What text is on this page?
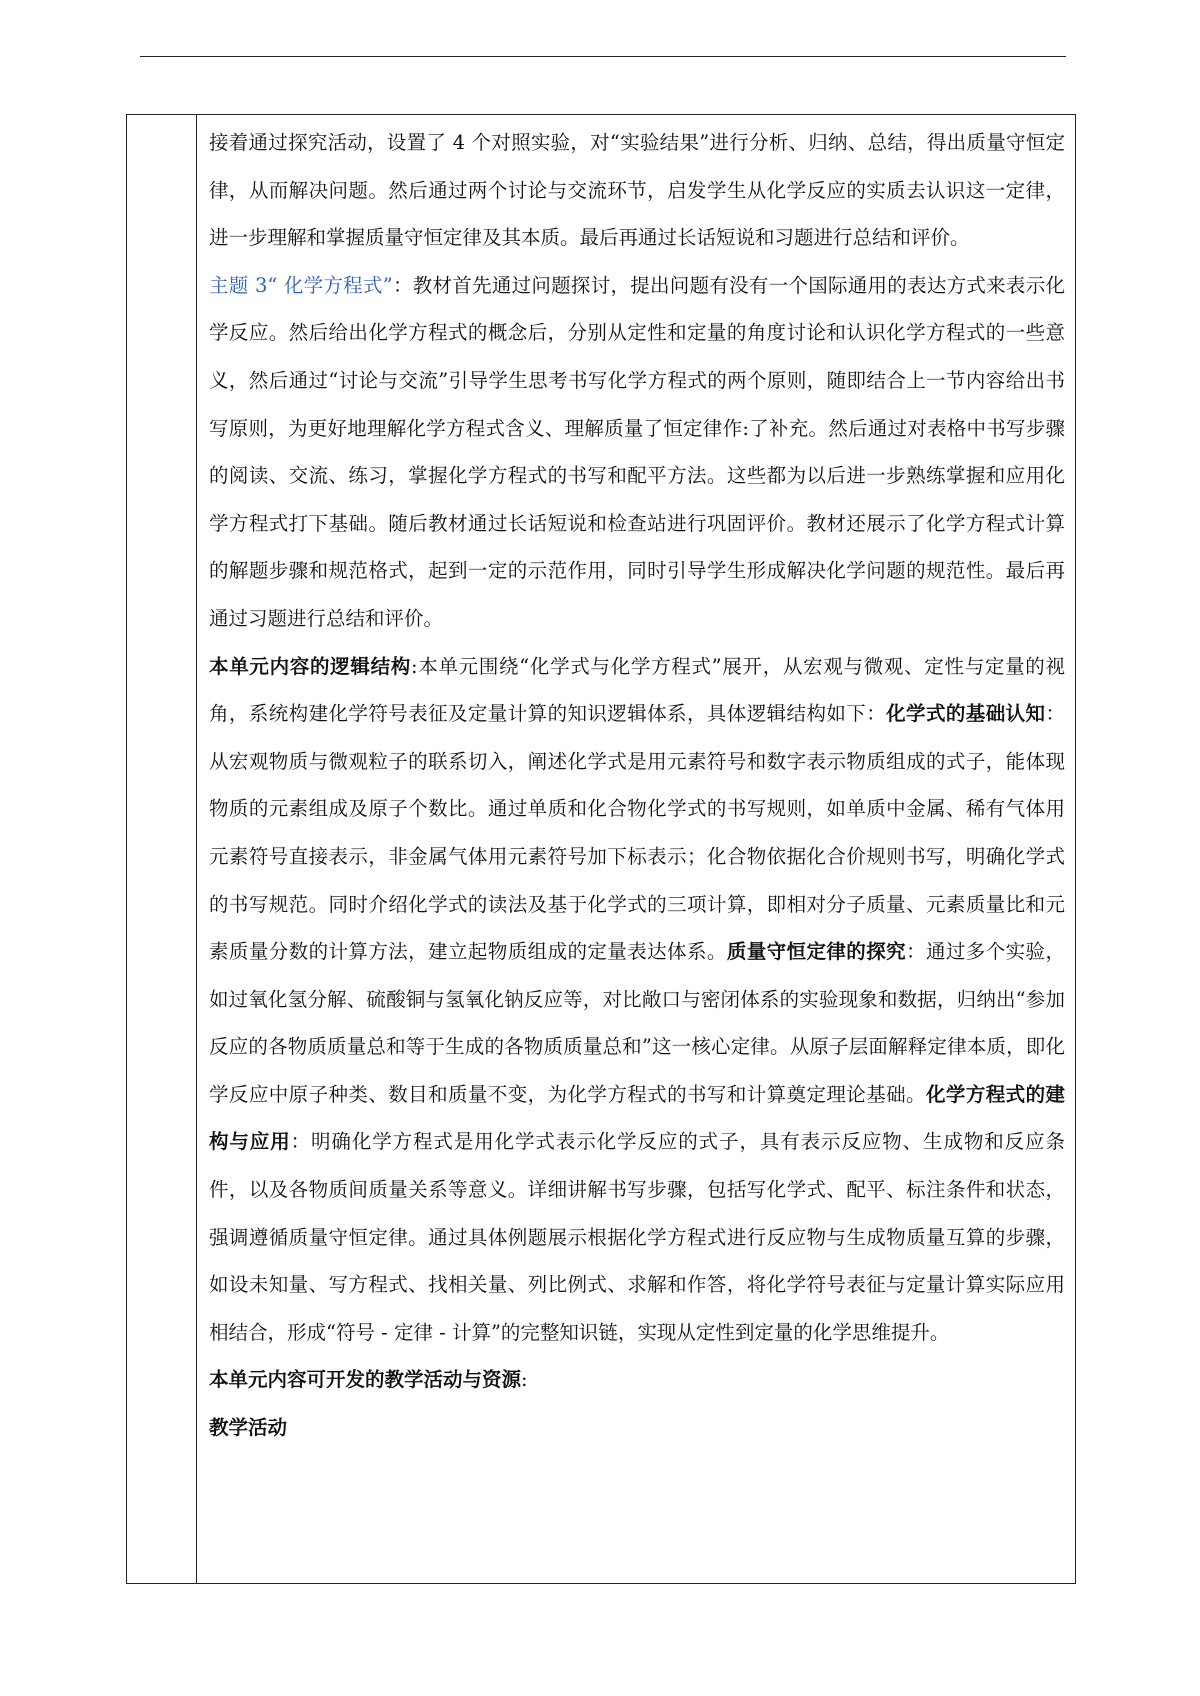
接着通过探究活动，设置了 4 个对照实验，对“实验结果”进行分析、归纳、总结，得出质量守恒定律，从而解决问题。然后通过两个讨论与交流环节，启发学生从化学反应的实质去认识这一定律，进一步理解和掌握质量守恒定律及其本质。最后再通过长话短说和习题进行总结和评价。

主题 3“ 化学方程式”：教材首先通过问题探讨，提出问题有没有一个国际通用的表达方式来表示化学反应。然后给出化学方程式的概念后，分别从定性和定量的角度讨论和认识化学方程式的一些意义，然后通过“讨论与交流”引导学生思考书写化学方程式的两个原则，随即结合上一节内容给出书写原则，为更好地理解化学方程式含义、理解质量了恒定律作:了补充。然后通过对表格中书写步骤的阅读、交流、练习，掌握化学方程式的书写和配平方法。这些都为以后进一步熟练掌握和应用化学方程式打下基础。随后教材通过长话短说和检查站进行巩固评价。教材还展示了化学方程式计算的解题步骤和规范格式，起到一定的示范作用，同时引导学生形成解决化学问题的规范性。最后再通过习题进行总结和评价。

本单元内容的逻辑结构:本单元围绕“化学式与化学方程式”展开，从宏观与微观、定性与定量的视角，系统构建化学符号表征及定量计算的知识逻辑体系，具体逻辑结构如下：化学式的基础认知：从宏观物质与微观粒子的联系切入，阐述化学式是用元素符号和数字表示物质组成的式子，能体现物质的元素组成及原子个数比。通过单质和化合物化学式的书写规则，如单质中金属、稀有气体用元素符号直接表示，非金属气体用元素符号加下标表示；化合物依据化合价规则书写，明确化学式的书写规范。同时介绍化学式的读法及基于化学式的三项计算，即相对分子质量、元素质量比和元素质量分数的计算方法，建立起物质组成的定量表达体系。质量守恒定律的探究：通过多个实验，如过氧化氢分解、硫酸铜与氢氧化钠反应等，对比敞口与密闭体系的实验现象和数据，归纳出“参加反应的各物质质量总和等于生成的各物质质量总和”这一核心定律。从原子层面解释定律本质，即化学反应中原子种类、数目和质量不变，为化学方程式的书写和计算奠定理论基础。化学方程式的建构与应用：明确化学方程式是用化学式表示化学反应的式子，具有表示反应物、生成物和反应条件，以及各物质间质量关系等意义。详细讲解书写步骤，包括写化学式、配平、标注条件和状态，强调遵循质量守恒定律。通过具体例题展示根据化学方程式进行反应物与生成物质量互算的步骤，如设未知量、写方程式、找相关量、列比例式、求解和作答，将化学符号表征与定量计算实际应用相结合，形成“符号 - 定律 - 计算”的完整知识链，实现从定性到定量的化学思维提升。

本单元内容可开发的教学活动与资源:

教学活动
